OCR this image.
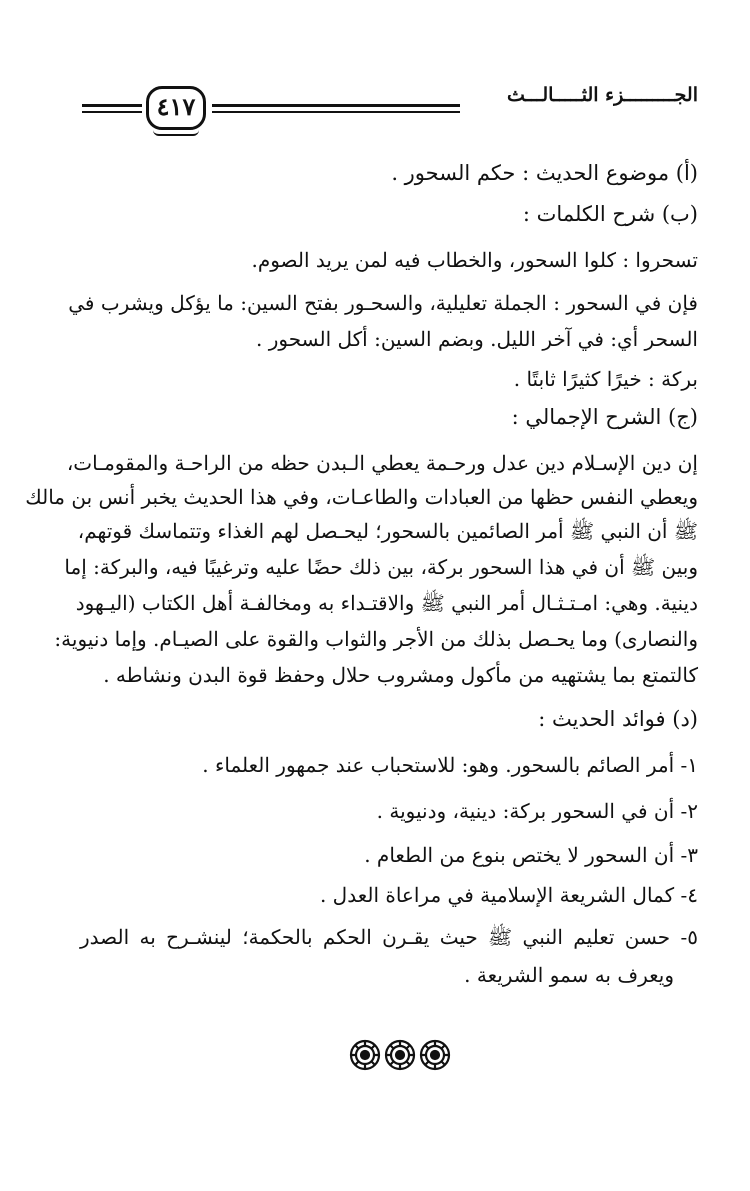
٤١٧	الجـــــــــزء الثـــــالـــث
(أ) موضوع الحديث : حكم السحور .
(ب) شرح الكلمات :
تسحروا : كلوا السحور، والخطاب فيه لمن يريد الصوم.
فإن في السحور : الجملة تعليلية، والسحـور بفتح السين: ما يؤكل ويشرب في
السحر أي: في آخر الليل. وبضم السين: أكل السحور .
بركة : خيرًا كثيرًا ثابتًا .
(ج) الشرح الإجمالي :
إن دين الإسـلام دين عدل ورحـمة يعطي الـبدن حظه من الراحـة والمقومـات،
ويعطي النفس حظها من العبادات والطاعـات، وفي هذا الحديث يخبر أنس بن مالك
ﷺ أن النبي ﷺ أمر الصائمين بالسحور؛ ليحـصل لهم الغذاء وتتماسك قوتهم،
وبين ﷺ أن في هذا السحور بركة، بين ذلك حضًا عليه وترغيبًا فيه، والبركة: إما
دينية. وهي: امـتـثـال أمر النبي ﷺ والاقتـداء به ومخالفـة أهل الكتاب (اليـهود
والنصارى) وما يحـصل بذلك من الأجر والثواب والقوة على الصيـام. وإما دنيوية:
كالتمتع بما يشتهيه من مأكول ومشروب حلال وحفظ قوة البدن ونشاطه .
(د) فوائد الحديث :
١- أمر الصائم بالسحور. وهو: للاستحباب عند جمهور العلماء .
٢- أن في السحور بركة: دينية، ودنيوية .
٣- أن السحور لا يختص بنوع من الطعام .
٤- كمال الشريعة الإسلامية في مراعاة العدل .
٥- حسن تعليم النبي ﷺ حيث يقـرن الحكم بالحكمة؛ لينشـرح به الصدر
ويعرف به سمو الشريعة .
